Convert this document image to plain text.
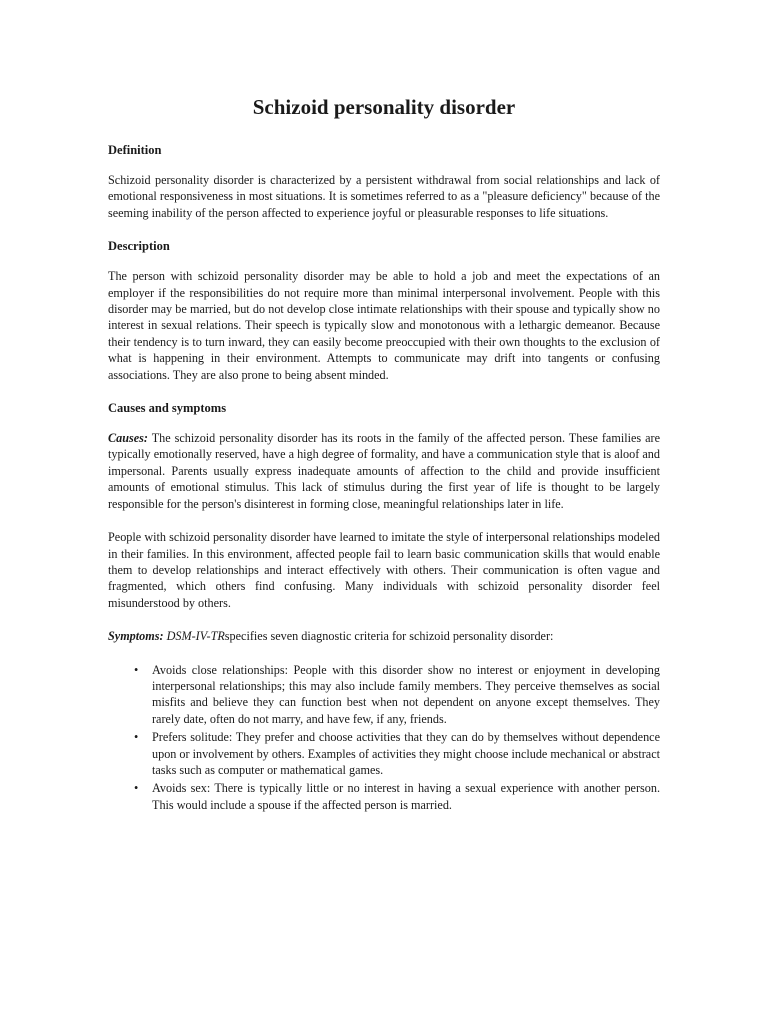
Schizoid personality disorder
Definition

Schizoid personality disorder is characterized by a persistent withdrawal from social relationships and lack of emotional responsiveness in most situations. It is sometimes referred to as a "pleasure deficiency" because of the seeming inability of the person affected to experience joyful or pleasurable responses to life situations.

Description

The person with schizoid personality disorder may be able to hold a job and meet the expectations of an employer if the responsibilities do not require more than minimal interpersonal involvement. People with this disorder may be married, but do not develop close intimate relationships with their spouse and typically show no interest in sexual relations. Their speech is typically slow and monotonous with a lethargic demeanor. Because their tendency is to turn inward, they can easily become preoccupied with their own thoughts to the exclusion of what is happening in their environment. Attempts to communicate may drift into tangents or confusing associations. They are also prone to being absent minded.

Causes and symptoms

Causes: The schizoid personality disorder has its roots in the family of the affected person. These families are typically emotionally reserved, have a high degree of formality, and have a communication style that is aloof and impersonal. Parents usually express inadequate amounts of affection to the child and provide insufficient amounts of emotional stimulus. This lack of stimulus during the first year of life is thought to be largely responsible for the person's disinterest in forming close, meaningful relationships later in life.

People with schizoid personality disorder have learned to imitate the style of interpersonal relationships modeled in their families. In this environment, affected people fail to learn basic communication skills that would enable them to develop relationships and interact effectively with others. Their communication is often vague and fragmented, which others find confusing. Many individuals with schizoid personality disorder feel misunderstood by others.

Symptoms: DSM-IV-TRspecifies seven diagnostic criteria for schizoid personality disorder:

• Avoids close relationships: People with this disorder show no interest or enjoyment in developing interpersonal relationships; this may also include family members. They perceive themselves as social misfits and believe they can function best when not dependent on anyone except themselves. They rarely date, often do not marry, and have few, if any, friends.
• Prefers solitude: They prefer and choose activities that they can do by themselves without dependence upon or involvement by others. Examples of activities they might choose include mechanical or abstract tasks such as computer or mathematical games.
• Avoids sex: There is typically little or no interest in having a sexual experience with another person. This would include a spouse if the affected person is married.
